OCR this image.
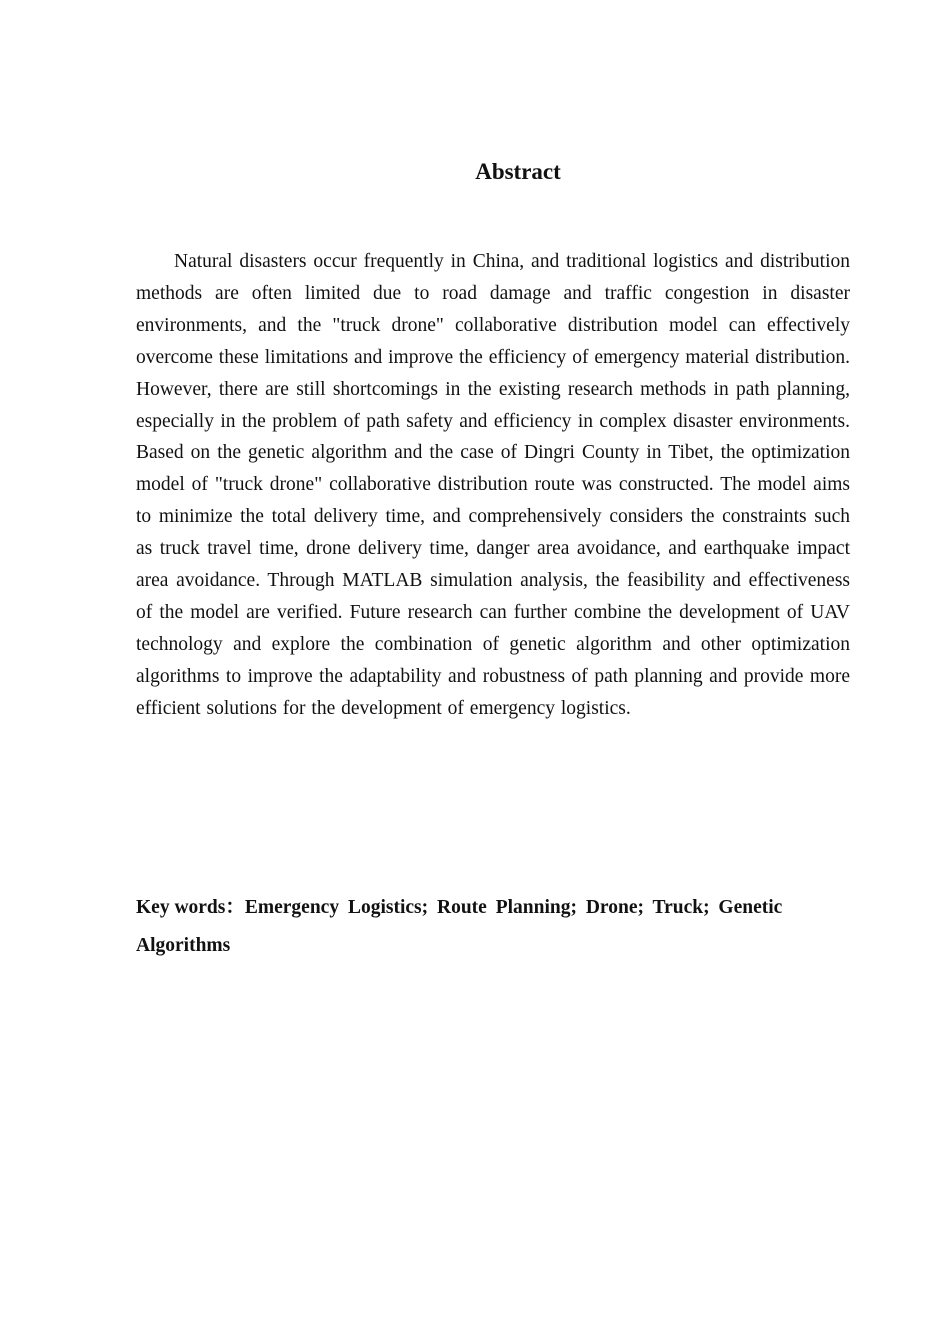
Abstract

Natural disasters occur frequently in China, and traditional logistics and distribution methods are often limited due to road damage and traffic congestion in disaster environments, and the "truck drone" collaborative distribution model can effectively overcome these limitations and improve the efficiency of emergency material distribution. However, there are still shortcomings in the existing research methods in path planning, especially in the problem of path safety and efficiency in complex disaster environments. Based on the genetic algorithm and the case of Dingri County in Tibet, the optimization model of "truck drone" collaborative distribution route was constructed. The model aims to minimize the total delivery time, and comprehensively considers the constraints such as truck travel time, drone delivery time, danger area avoidance, and earthquake impact area avoidance. Through MATLAB simulation analysis, the feasibility and effectiveness of the model are verified. Future research can further combine the development of UAV technology and explore the combination of genetic algorithm and other optimization algorithms to improve the adaptability and robustness of path planning and provide more efficient solutions for the development of emergency logistics.

Key words：Emergency Logistics; Route Planning; Drone; Truck; Genetic Algorithms
